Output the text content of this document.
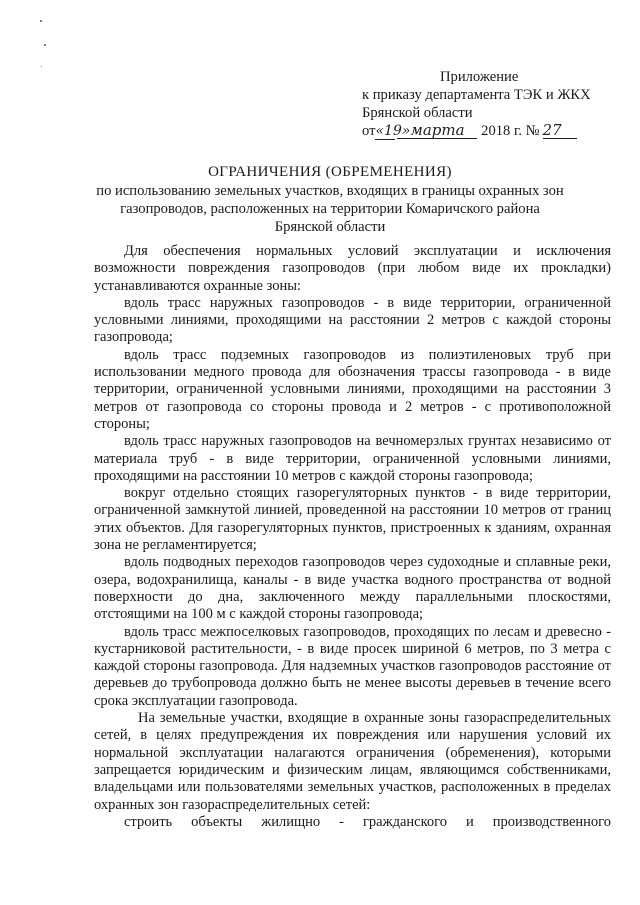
Приложение
к приказу департамента ТЭК и ЖКХ
Брянской области
от«19»марта 2018 г. № 27
ОГРАНИЧЕНИЯ (ОБРЕМЕНЕНИЯ)
по использованию земельных участков, входящих в границы охранных зон
газопроводов, расположенных на территории Комаричского района
Брянской области

Для обеспечения нормальных условий эксплуатации и исключения возможности повреждения газопроводов (при любом виде их прокладки) устанавливаются охранные зоны:

вдоль трасс наружных газопроводов - в виде территории, ограниченной условными линиями, проходящими на расстоянии 2 метров с каждой стороны газопровода;

вдоль трасс подземных газопроводов из полиэтиленовых труб при использовании медного провода для обозначения трассы газопровода - в виде территории, ограниченной условными линиями, проходящими на расстоянии 3 метров от газопровода со стороны провода и 2 метров - с противоположной стороны;

вдоль трасс наружных газопроводов на вечномерзлых грунтах независимо от материала труб - в виде территории, ограниченной условными линиями, проходящими на расстоянии 10 метров с каждой стороны газопровода;

вокруг отдельно стоящих газорегуляторных пунктов - в виде территории, ограниченной замкнутой линией, проведенной на расстоянии 10 метров от границ этих объектов. Для газорегуляторных пунктов, пристроенных к зданиям, охранная зона не регламентируется;

вдоль подводных переходов газопроводов через судоходные и сплавные реки, озера, водохранилища, каналы - в виде участка водного пространства от водной поверхности до дна, заключенного между параллельными плоскостями, отстоящими на 100 м с каждой стороны газопровода;

вдоль трасс межпоселковых газопроводов, проходящих по лесам и древесно - кустарниковой растительности, - в виде просек шириной 6 метров, по 3 метра с каждой стороны газопровода. Для надземных участков газопроводов расстояние от деревьев до трубопровода должно быть не менее высоты деревьев в течение всего срока эксплуатации газопровода.

На земельные участки, входящие в охранные зоны газораспределительных сетей, в целях предупреждения их повреждения или нарушения условий их нормальной эксплуатации налагаются ограничения (обременения), которыми запрещается юридическим и физическим лицам, являющимся собственниками, владельцами или пользователями земельных участков, расположенных в пределах охранных зон газораспределительных сетей:

строить объекты жилищно - гражданского и производственного
